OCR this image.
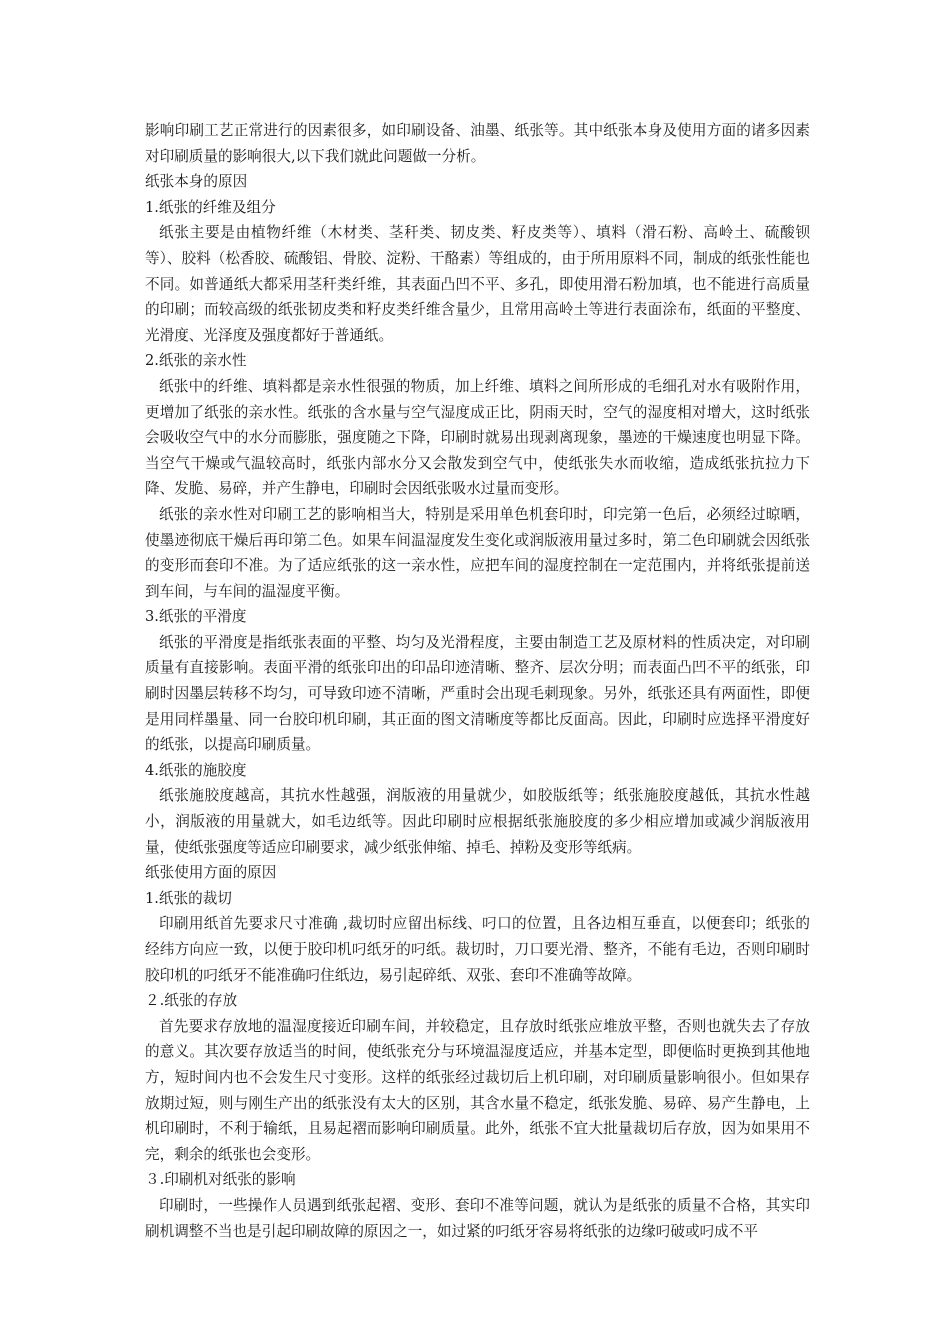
影响印刷工艺正常进行的因素很多，如印刷设备、油墨、纸张等。其中纸张本身及使用方面的诸多因素对印刷质量的影响很大,以下我们就此问题做一分析。

纸张本身的原因

1.纸张的纤维及组分

纸张主要是由植物纤维（木材类、茎秆类、韧皮类、籽皮类等）、填料（滑石粉、高岭土、硫酸钡等）、胶料（松香胶、硫酸铝、骨胶、淀粉、干酪素）等组成的，由于所用原料不同，制成的纸张性能也不同。如普通纸大都采用茎秆类纤维，其表面凸凹不平、多孔，即使用滑石粉加填，也不能进行高质量的印刷；而较高级的纸张韧皮类和籽皮类纤维含量少，且常用高岭土等进行表面涂布，纸面的平整度、光滑度、光泽度及强度都好于普通纸。

2.纸张的亲水性

纸张中的纤维、填料都是亲水性很强的物质，加上纤维、填料之间所形成的毛细孔对水有吸附作用，更增加了纸张的亲水性。纸张的含水量与空气湿度成正比，阴雨天时，空气的湿度相对增大，这时纸张会吸收空气中的水分而膨胀，强度随之下降，印刷时就易出现剥离现象，墨迹的干燥速度也明显下降。当空气干燥或气温较高时，纸张内部水分又会散发到空气中，使纸张失水而收缩，造成纸张抗拉力下降、发脆、易碎，并产生静电，印刷时会因纸张吸水过量而变形。

纸张的亲水性对印刷工艺的影响相当大，特别是采用单色机套印时，印完第一色后，必须经过晾晒，使墨迹彻底干燥后再印第二色。如果车间温湿度发生变化或润版液用量过多时，第二色印刷就会因纸张的变形而套印不准。为了适应纸张的这一亲水性，应把车间的湿度控制在一定范围内，并将纸张提前送到车间，与车间的温湿度平衡。

3.纸张的平滑度

纸张的平滑度是指纸张表面的平整、均匀及光滑程度，主要由制造工艺及原材料的性质决定，对印刷质量有直接影响。表面平滑的纸张印出的印品印迹清晰、整齐、层次分明；而表面凸凹不平的纸张，印刷时因墨层转移不均匀，可导致印迹不清晰，严重时会出现毛刺现象。另外，纸张还具有两面性，即便是用同样墨量、同一台胶印机印刷，其正面的图文清晰度等都比反面高。因此，印刷时应选择平滑度好的纸张，以提高印刷质量。

4.纸张的施胶度

纸张施胶度越高，其抗水性越强，润版液的用量就少，如胶版纸等；纸张施胶度越低，其抗水性越小，润版液的用量就大，如毛边纸等。因此印刷时应根据纸张施胶度的多少相应增加或减少润版液用量，使纸张强度等适应印刷要求，减少纸张伸缩、掉毛、掉粉及变形等纸病。

纸张使用方面的原因

1.纸张的裁切

印刷用纸首先要求尺寸准确 ,裁切时应留出标线、叼口的位置，且各边相互垂直，以便套印；纸张的经纬方向应一致，以便于胶印机叼纸牙的叼纸。裁切时，刀口要光滑、整齐，不能有毛边，否则印刷时胶印机的叼纸牙不能准确叼住纸边，易引起碎纸、双张、套印不准确等故障。

２.纸张的存放

首先要求存放地的温湿度接近印刷车间，并较稳定，且存放时纸张应堆放平整，否则也就失去了存放的意义。其次要存放适当的时间，使纸张充分与环境温湿度适应，并基本定型，即便临时更换到其他地方，短时间内也不会发生尺寸变形。这样的纸张经过裁切后上机印刷，对印刷质量影响很小。但如果存放期过短，则与刚生产出的纸张没有太大的区别，其含水量不稳定，纸张发脆、易碎、易产生静电，上机印刷时，不利于输纸，且易起褶而影响印刷质量。此外，纸张不宜大批量裁切后存放，因为如果用不完，剩余的纸张也会变形。

３.印刷机对纸张的影响

印刷时，一些操作人员遇到纸张起褶、变形、套印不准等问题，就认为是纸张的质量不合格，其实印刷机调整不当也是引起印刷故障的原因之一，如过紧的叼纸牙容易将纸张的边缘叼破或叼成不平
